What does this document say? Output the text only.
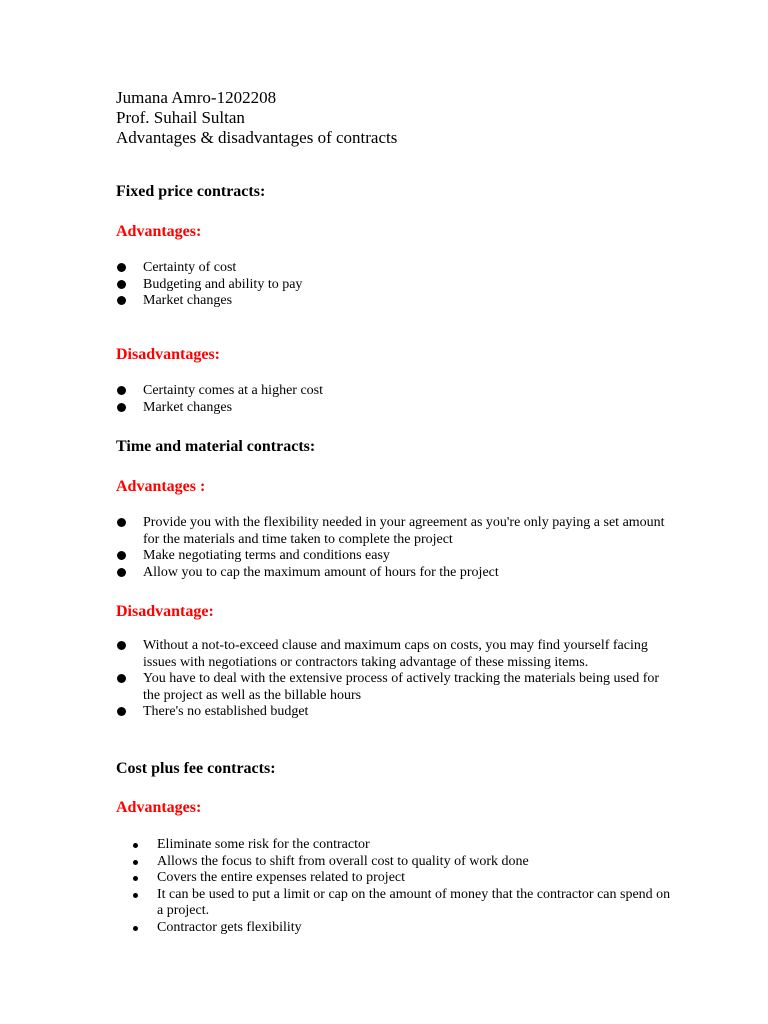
Jumana Amro-1202208
Prof. Suhail Sultan
Advantages & disadvantages of contracts
Fixed price contracts:
Advantages:
Certainty of cost
Budgeting and ability to pay
Market changes
Disadvantages:
Certainty comes at a higher cost
Market changes
Time and material contracts:
Advantages :
Provide you with the flexibility needed in your agreement as you're only paying a set amount for the materials and time taken to complete the project
Make negotiating terms and conditions easy
Allow you to cap the maximum amount of hours for the project
Disadvantage:
Without a not-to-exceed clause and maximum caps on costs, you may find yourself facing issues with negotiations or contractors taking advantage of these missing items.
You have to deal with the extensive process of actively tracking the materials being used for the project as well as the billable hours
There's no established budget
Cost plus fee contracts:
Advantages:
Eliminate some risk for the contractor
Allows the focus to shift from overall cost to quality of work done
Covers the entire expenses related to project
It can be used to put a limit or cap on the amount of money that the contractor can spend on a project.
Contractor gets flexibility
